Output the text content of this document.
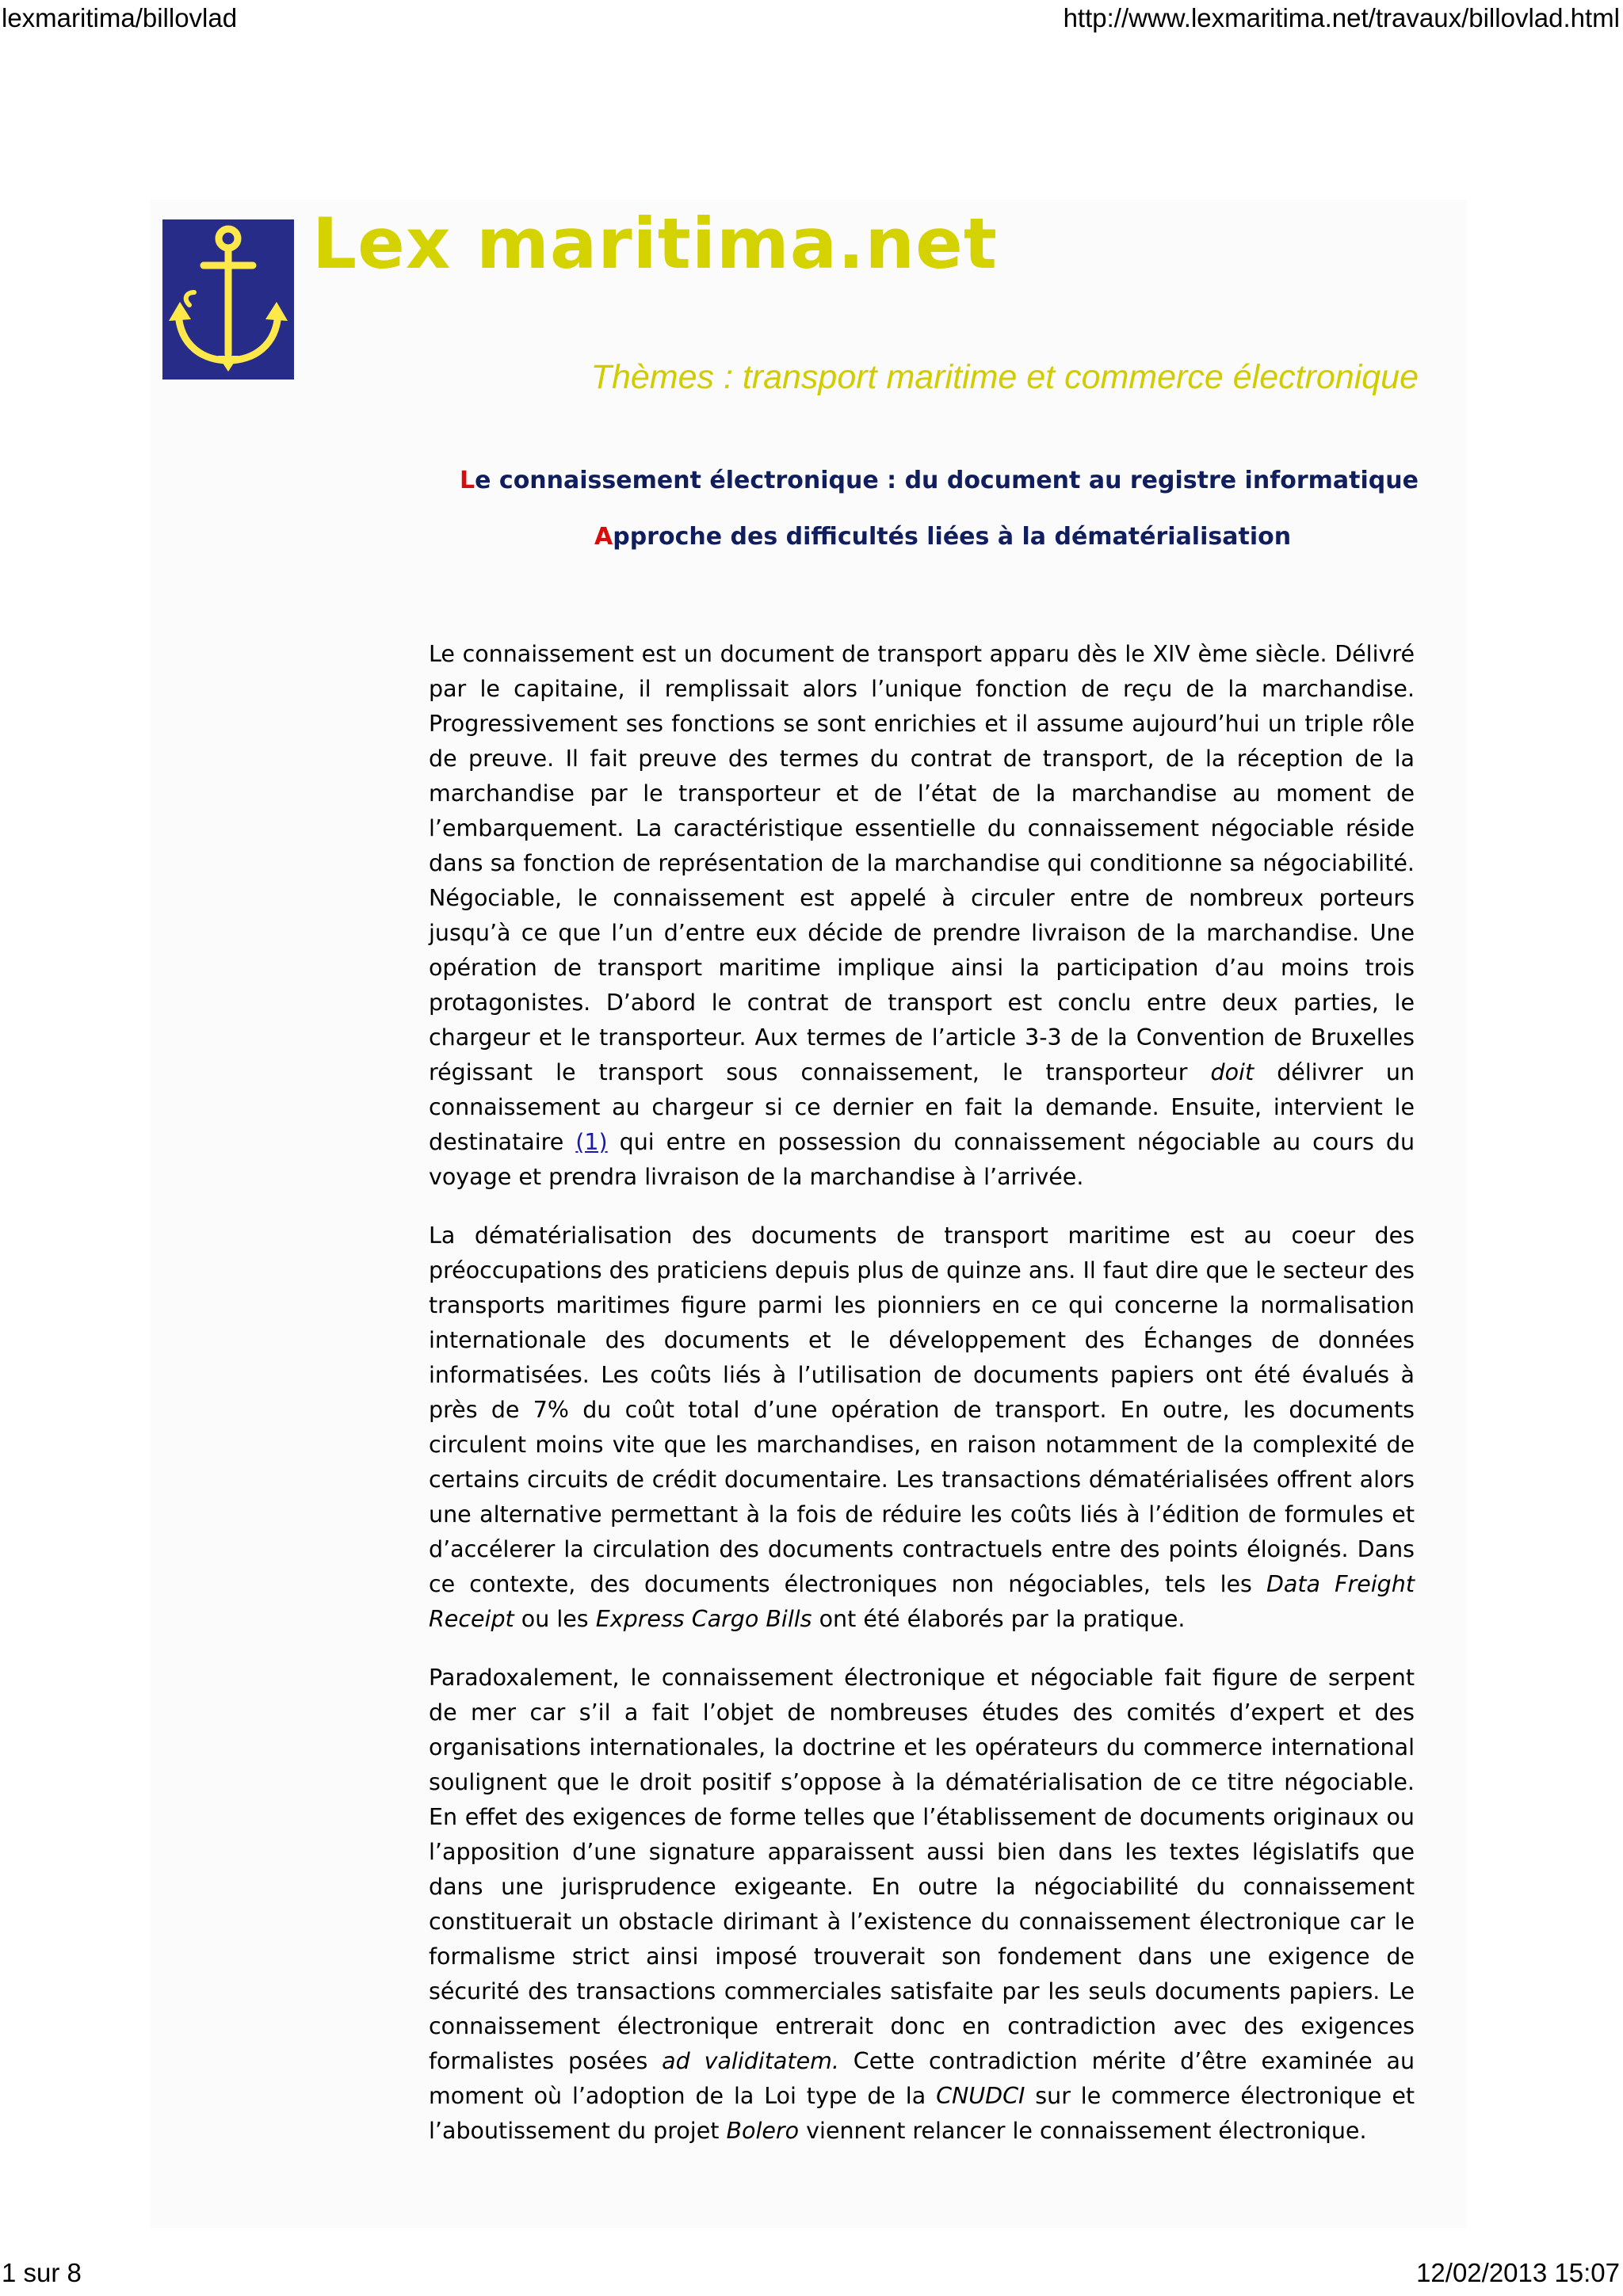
lexmaritima/billovlad	http://www.lexmaritima.net/travaux/billovlad.html
Lex maritima.net
Thèmes : transport maritime et commerce électronique
Le connaissement électronique : du document au registre informatique
Approche des difficultés liées à la dématérialisation

Le connaissement est un document de transport apparu dès le XIV ème siècle. Délivré par le capitaine, il remplissait alors l’unique fonction de reçu de la marchandise. Progressivement ses fonctions se sont enrichies et il assume aujourd’hui un triple rôle de preuve. Il fait preuve des termes du contrat de transport, de la réception de la marchandise par le transporteur et de l’état de la marchandise au moment de l’embarquement. La caractéristique essentielle du connaissement négociable réside dans sa fonction de représentation de la marchandise qui conditionne sa négociabilité. Négociable, le connaissement est appelé à circuler entre de nombreux porteurs jusqu’à ce que l’un d’entre eux décide de prendre livraison de la marchandise. Une opération de transport maritime implique ainsi la participation d’au moins trois protagonistes. D’abord le contrat de transport est conclu entre deux parties, le chargeur et le transporteur. Aux termes de l’article 3-3 de la Convention de Bruxelles régissant le transport sous connaissement, le transporteur doit délivrer un connaissement au chargeur si ce dernier en fait la demande. Ensuite, intervient le destinataire (1) qui entre en possession du connaissement négociable au cours du voyage et prendra livraison de la marchandise à l’arrivée.

La dématérialisation des documents de transport maritime est au coeur des préoccupations des praticiens depuis plus de quinze ans. Il faut dire que le secteur des transports maritimes figure parmi les pionniers en ce qui concerne la normalisation internationale des documents et le développement des Échanges de données informatisées. Les coûts liés à l’utilisation de documents papiers ont été évalués à près de 7% du coût total d’une opération de transport. En outre, les documents circulent moins vite que les marchandises, en raison notamment de la complexité de certains circuits de crédit documentaire. Les transactions dématérialisées offrent alors une alternative permettant à la fois de réduire les coûts liés à l’édition de formules et d’accélerer la circulation des documents contractuels entre des points éloignés. Dans ce contexte, des documents électroniques non négociables, tels les Data Freight Receipt ou les Express Cargo Bills ont été élaborés par la pratique.

Paradoxalement, le connaissement électronique et négociable fait figure de serpent de mer car s’il a fait l’objet de nombreuses études des comités d’expert et des organisations internationales, la doctrine et les opérateurs du commerce international soulignent que le droit positif s’oppose à la dématérialisation de ce titre négociable. En effet des exigences de forme telles que l’établissement de documents originaux ou l’apposition d’une signature apparaissent aussi bien dans les textes législatifs que dans une jurisprudence exigeante. En outre la négociabilité du connaissement constituerait un obstacle dirimant à l’existence du connaissement électronique car le formalisme strict ainsi imposé trouverait son fondement dans une exigence de sécurité des transactions commerciales satisfaite par les seuls documents papiers. Le connaissement électronique entrerait donc en contradiction avec des exigences formalistes posées ad validitatem. Cette contradiction mérite d’être examinée au moment où l’adoption de la Loi type de la CNUDCI sur le commerce électronique et l’aboutissement du projet Bolero viennent relancer le connaissement électronique.

1 sur 8	12/02/2013 15:07
